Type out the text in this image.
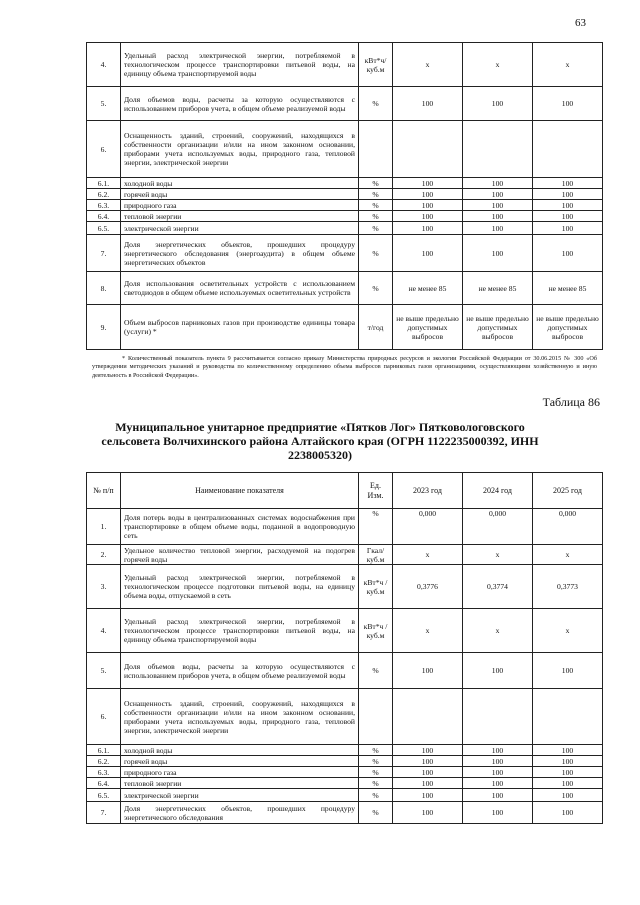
63
4.	Удельный расход электрической энергии, потребляемой в технологическом процессе транспортировки питьевой воды, на единицу объема транспортируемой воды	кВт*ч/ куб.м	x	x	x
5.	Доля объемов воды, расчеты за которую осуществляются с использованием приборов учета, в общем объеме реализуемой воды	%	100	100	100
6.	Оснащенность зданий, строений, сооружений, находящихся в собственности организации и/или на ином законном основании, приборами учета используемых воды, природного газа, тепловой энергии, электрической энергии				
6.1.	холодной воды	%	100	100	100
6.2.	горячей воды	%	100	100	100
6.3.	природного газа	%	100	100	100
6.4.	тепловой энергии	%	100	100	100
6.5.	электрической энергии	%	100	100	100
7.	Доля энергетических объектов, прошедших процедуру энергетического обследования (энергоаудита) в общем объеме энергетических объектов	%	100	100	100
8.	Доля использования осветительных устройств с использованием светодиодов в общем объеме используемых осветительных устройств	%	не менее 85	не менее 85	не менее 85
9.	Объем выбросов парниковых газов при производстве единицы товара (услуги) *	т/год	не выше предельно допустимых выбросов	не выше предельно допустимых выбросов	не выше предельно допустимых выбросов
* Количественный показатель пункта 9 рассчитывается согласно приказу Министерства природных ресурсов и экологии Российской Федерации от 30.06.2015 № 300 «Об утверждении методических указаний и руководства по количественному определению объема выбросов парниковых газов организациями, осуществляющими хозяйственную и иную деятельность в Российской Федерации».
Таблица 86
Муниципальное унитарное предприятие «Пятков Лог» Пятковологовского сельсовета Волчихинского района Алтайского края (ОГРН 1122235000392, ИНН 2238005320)
№ п/п	Наименование показателя	Ед. Изм.	2023 год	2024 год	2025 год
1.	Доля потерь воды в централизованных системах водоснабжения при транспортировке в общем объеме воды, поданной в водопроводную сеть	%	0,000	0,000	0,000
2.	Удельное количество тепловой энергии, расходуемой на подогрев горячей воды	Гкал/ куб.м	x	x	x
3.	Удельный расход электрической энергии, потребляемой в технологическом процессе подготовки питьевой воды, на единицу объема воды, отпускаемой в сеть	кВт*ч / куб.м	0,3776	0,3774	0,3773
4.	Удельный расход электрической энергии, потребляемой в технологическом процессе транспортировки питьевой воды, на единицу объема транспортируемой воды	кВт*ч / куб.м	x	x	x
5.	Доля объемов воды, расчеты за которую осуществляются с использованием приборов учета, в общем объеме реализуемой воды	%	100	100	100
6.	Оснащенность зданий, строений, сооружений, находящихся в собственности организации и/или на ином законном основании, приборами учета используемых воды, природного газа, тепловой энергии, электрической энергии				
6.1.	холодной воды	%	100	100	100
6.2.	горячей воды	%	100	100	100
6.3.	природного газа	%	100	100	100
6.4.	тепловой энергии	%	100	100	100
6.5.	электрической энергии	%	100	100	100
7.	Доля энергетических объектов, прошедших процедуру энергетического обследования	%	100	100	100
